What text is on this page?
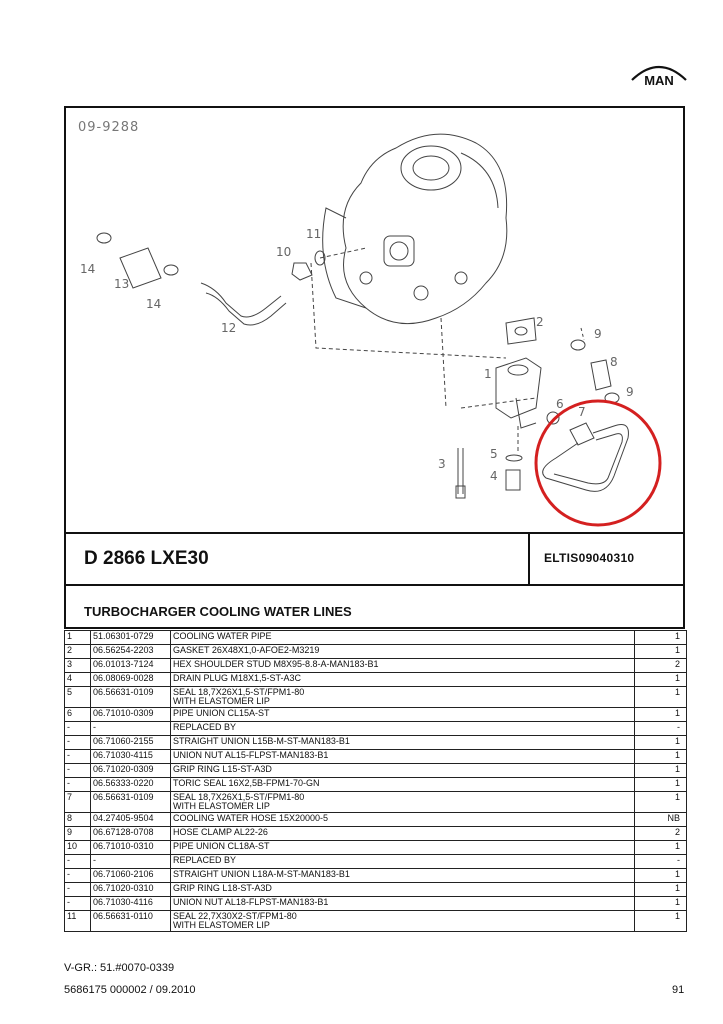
MAN
1
2
3
4
5
6
7
8
9
9
10
11
12
13
14
14
09-9288
D 2866 LXE30	ELTIS09040310
TURBOCHARGER COOLING WATER LINES
1	51.06301-0729	COOLING WATER PIPE	1
2	06.56254-2203	GASKET 26X48X1,0-AFOE2-M3219	1
3	06.01013-7124	HEX SHOULDER STUD M8X95-8.8-A-MAN183-B1	2
4	06.08069-0028	DRAIN PLUG M18X1,5-ST-A3C	1
5	06.56631-0109	SEAL 18,7X26X1,5-ST/FPM1-80
WITH ELASTOMER LIP	1
6	06.71010-0309	PIPE UNION CL15A-ST	1
-	-	REPLACED BY	-
-	06.71060-2155	STRAIGHT UNION L15B-M-ST-MAN183-B1	1
-	06.71030-4115	UNION NUT AL15-FLPST-MAN183-B1	1
-	06.71020-0309	GRIP RING L15-ST-A3D	1
-	06.56333-0220	TORIC SEAL 16X2,5B-FPM1-70-GN	1
7	06.56631-0109	SEAL 18,7X26X1,5-ST/FPM1-80
WITH ELASTOMER LIP	1
8	04.27405-9504	COOLING WATER HOSE 15X20000-5	NB
9	06.67128-0708	HOSE CLAMP AL22-26	2
10	06.71010-0310	PIPE UNION CL18A-ST	1
-	-	REPLACED BY	-
-	06.71060-2106	STRAIGHT UNION L18A-M-ST-MAN183-B1	1
-	06.71020-0310	GRIP RING L18-ST-A3D	1
-	06.71030-4116	UNION NUT AL18-FLPST-MAN183-B1	1
11	06.56631-0110	SEAL 22,7X30X2-ST/FPM1-80
WITH ELASTOMER LIP	1
V-GR.: 51.#0070-0339
5686175 000002 / 09.2010	91
